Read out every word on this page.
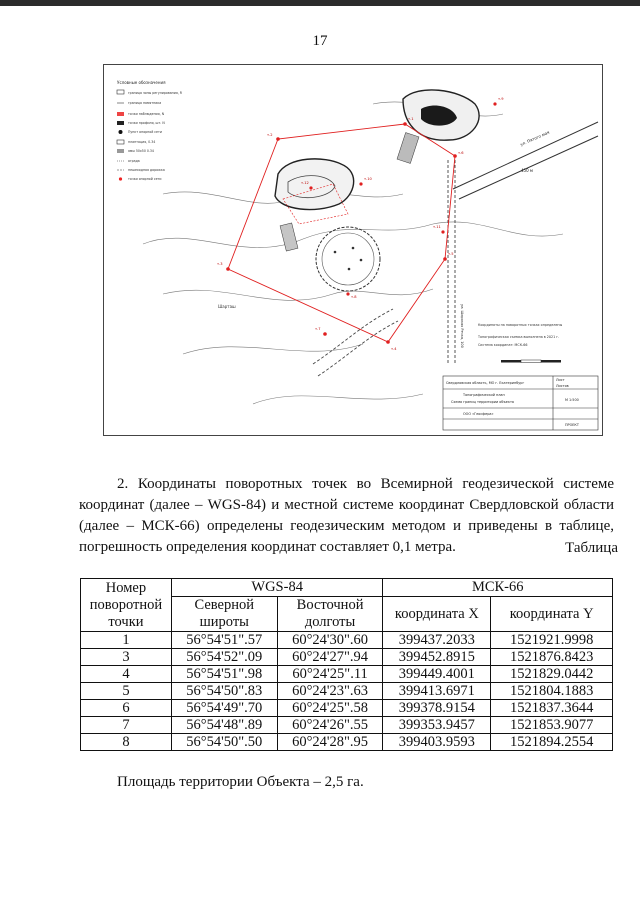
17
Условные обозначения
граница зоны регулирования, R
граница памятника
точки наблюдения, N
точки профиля, шт. N
Пункт опорной сети
плантация, 0.34
ямы 50x50 0.34
ограда
пешеходная дорожка
точки опорной сети
ул. Пятого мая
450 м
ул. Широкая Речка, 100
Шарташ
т.1
т.2
т.3
т.4
т.5
т.6
т.7
т.8
т.9
т.10
т.11
т.12
Координаты на поворотных точках определены
Топографическая съемка выполнена в 2021 г.
Система координат: МСК-66
Свердловская область, МО г. Екатеринбург
Лист
Листов
Топографический план
Схема границ территории объекта	М 1:500
ООО «Геосфера»
ПРОЕКТ
2. Координаты поворотных точек во Всемирной геодезической системе координат (далее – WGS-84) и местной системе координат Свердловской области (далее – МСК-66) определены геодезическим методом и приведены в таблице, погрешность определения координат составляет 0,1 метра.	Таблица
Номер поворотной точки	WGS-84		МСК-66	
	Северной широты	Восточной долготы	координата X	координата Y
1	56°54'51".57	60°24'30".60	399437.2033	1521921.9998
3	56°54'52".09	60°24'27".94	399452.8915	1521876.8423
4	56°54'51".98	60°24'25".11	399449.4001	1521829.0442
5	56°54'50".83	60°24'23".63	399413.6971	1521804.1883
6	56°54'49".70	60°24'25".58	399378.9154	1521837.3644
7	56°54'48".89	60°24'26".55	399353.9457	1521853.9077
8	56°54'50".50	60°24'28".95	399403.9593	1521894.2554
Площадь территории Объекта – 2,5 га.
